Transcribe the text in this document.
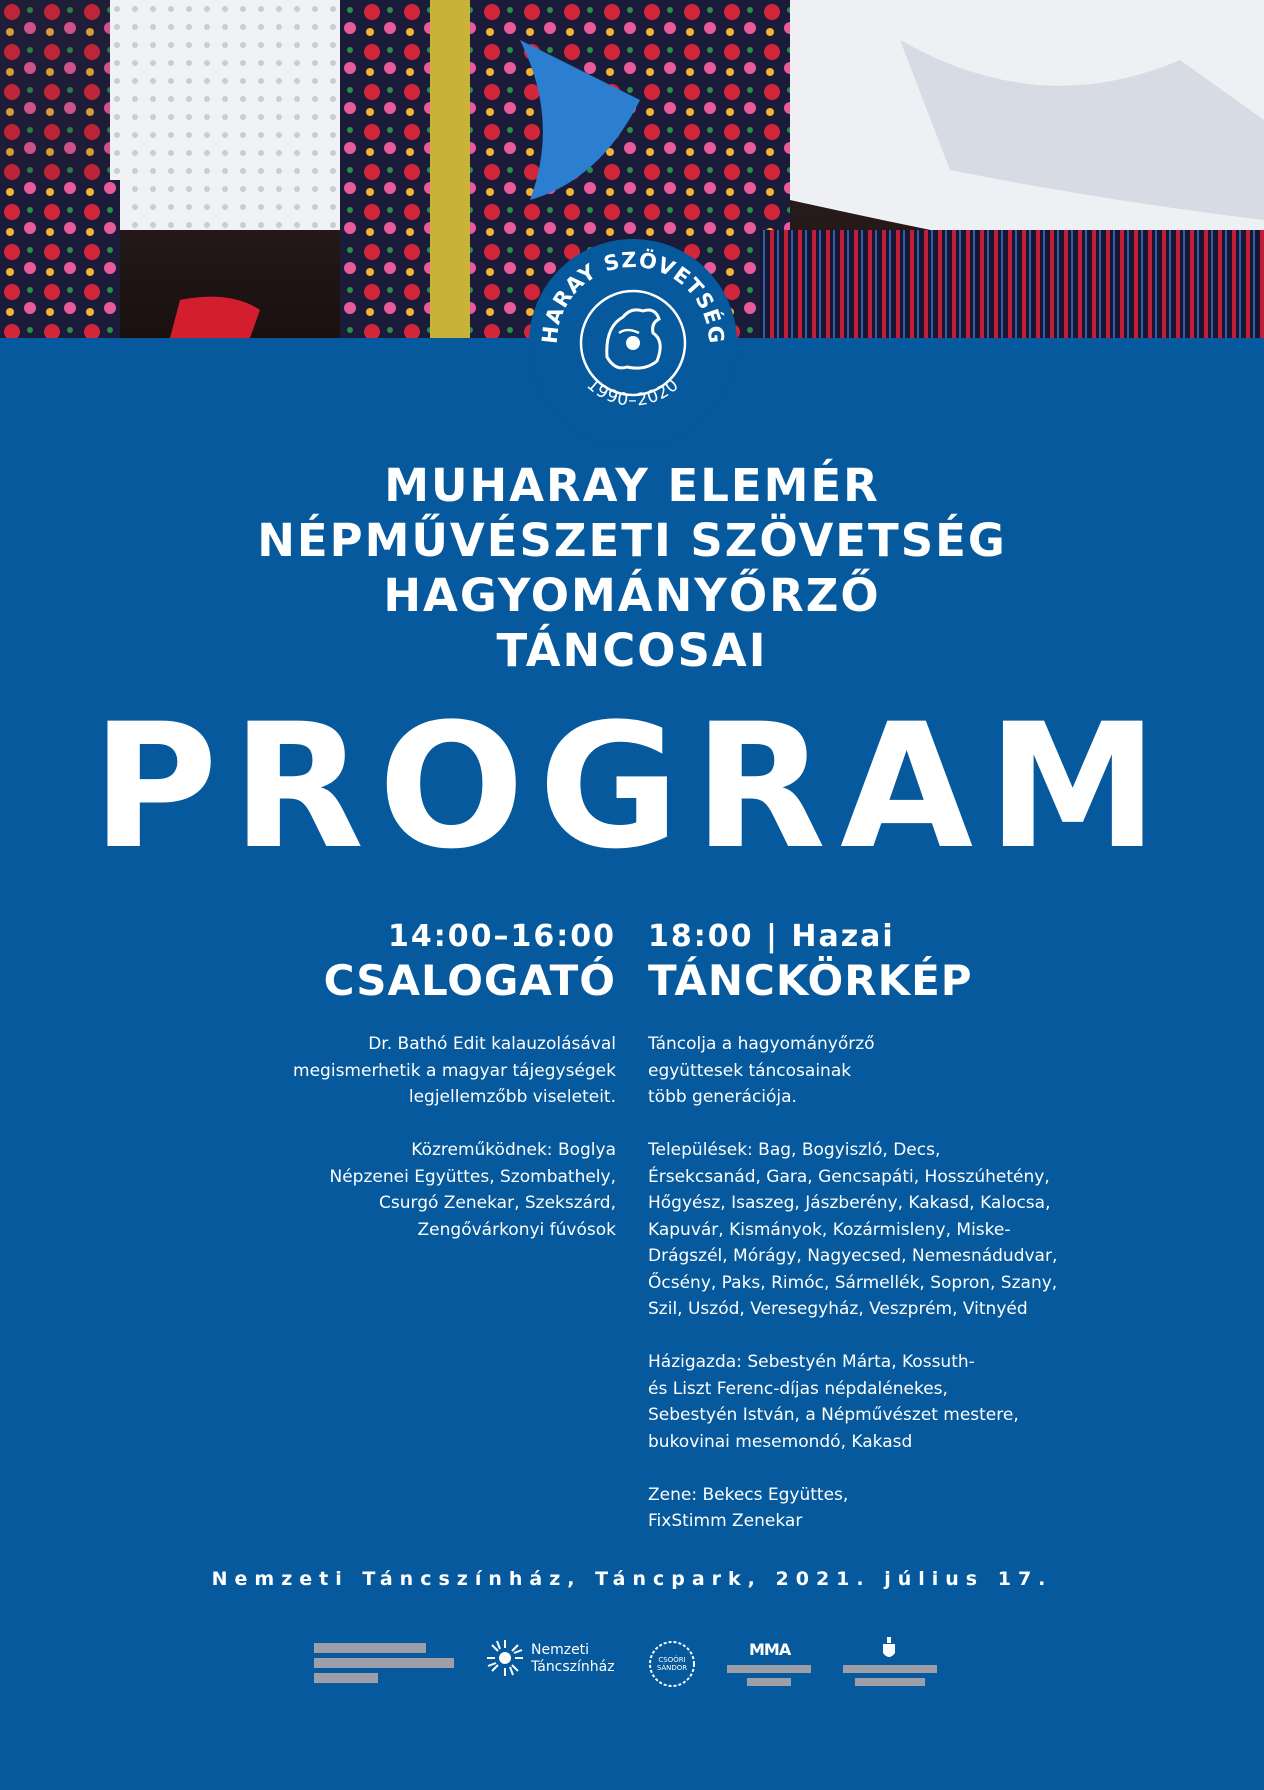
HARAY SZÖVETSÉG
1990–2020
MUHARAY ELEMÉR
NÉPMŰVÉSZETI SZÖVETSÉG
HAGYOMÁNYŐRZŐ
TÁNCOSAI
PROGRAM
14:00–16:00
CSALOGATÓ

Dr. Bathó Edit kalauzolásával
megismerhetik a magyar tájegységek
legjellemzőbb viseleteit.

Közreműködnek: Boglya
Népzenei Együttes, Szombathely,
Csurgó Zenekar, Szekszárd,
Zengővárkonyi fúvósok

18:00 | Hazai
TÁNCKÖRKÉP

Táncolja a hagyományőrző
együttesek táncosainak
több generációja.

Települések: Bag, Bogyiszló, Decs,
Érsekcsanád, Gara, Gencsapáti, Hosszúhetény,
Hőgyész, Isaszeg, Jászberény, Kakasd, Kalocsa,
Kapuvár, Kismányok, Kozármisleny, Miske-
Drágszél, Mórágy, Nagyecsed, Nemesnádudvar,
Őcsény, Paks, Rimóc, Sármellék, Sopron, Szany,
Szil, Uszód, Veresegyház, Veszprém, Vitnyéd

Házigazda: Sebestyén Márta, Kossuth-
és Liszt Ferenc-díjas népdalénekes,
Sebestyén István, a Népművészet mestere,
bukovinai mesemondó, Kakasd

Zene: Bekecs Együttes,
FixStimm Zenekar

Nemzeti Táncszínház, Táncpark, 2021. július 17.
Nemzeti
Táncszínház	CSOÓRI
SÁNDOR
MMA
